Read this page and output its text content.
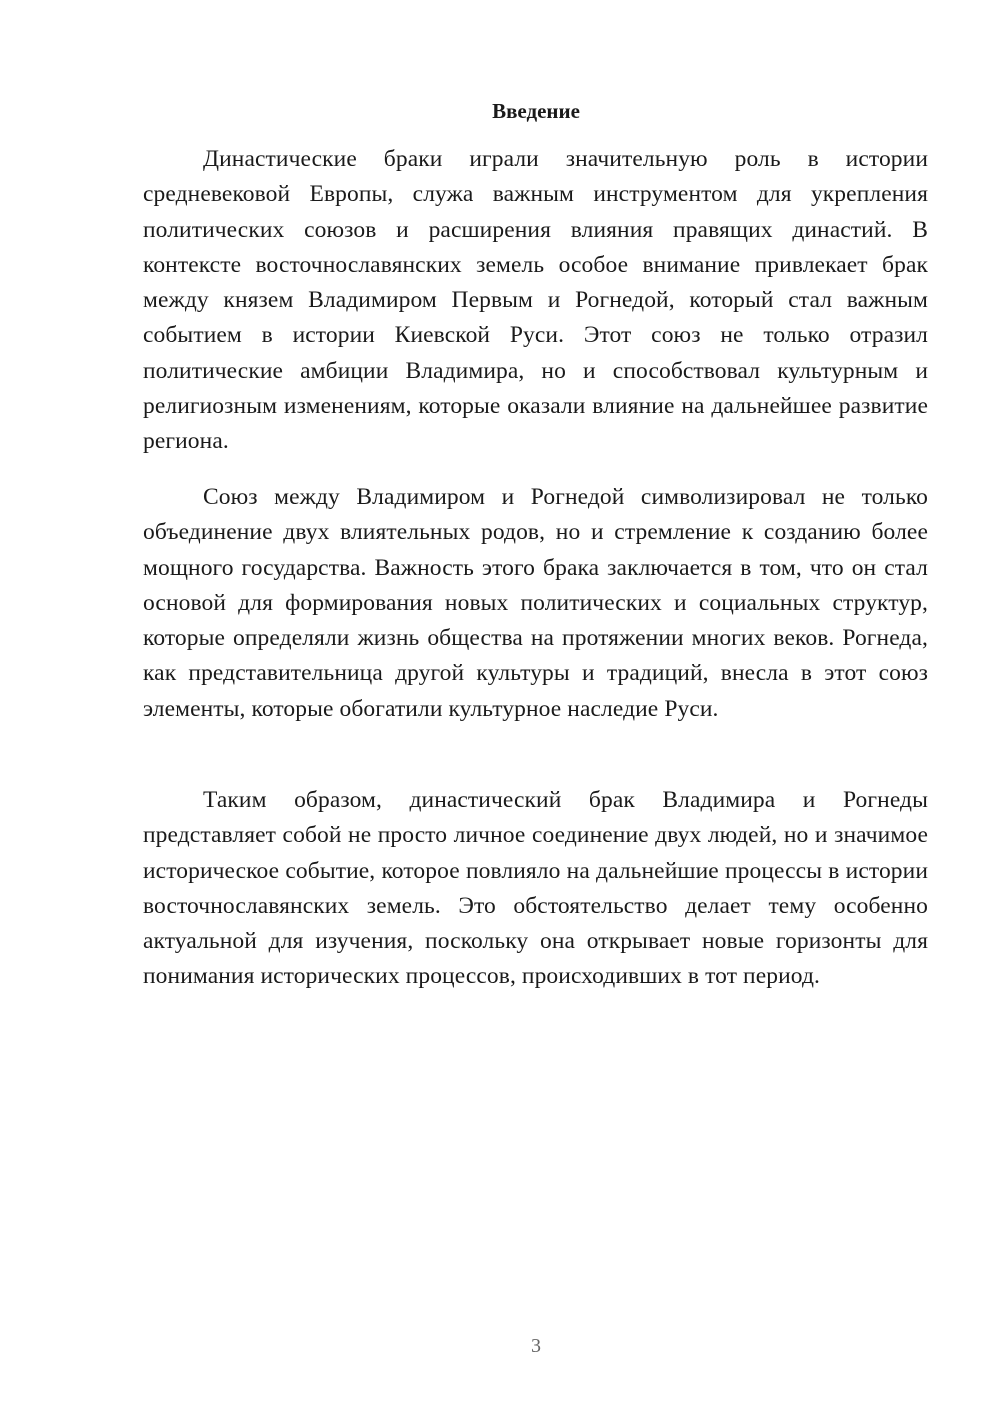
Введение

Династические браки играли значительную роль в истории средневековой Европы, служа важным инструментом для укрепления политических союзов и расширения влияния правящих династий. В контексте восточнославянских земель особое внимание привлекает брак между князем Владимиром Первым и Рогнедой, который стал важным событием в истории Киевской Руси. Этот союз не только отразил политические амбиции Владимира, но и способствовал культурным и религиозным изменениям, которые оказали влияние на дальнейшее развитие региона.

Союз между Владимиром и Рогнедой символизировал не только объединение двух влиятельных родов, но и стремление к созданию более мощного государства. Важность этого брака заключается в том, что он стал основой для формирования новых политических и социальных структур, которые определяли жизнь общества на протяжении многих веков. Рогнеда, как представительница другой культуры и традиций, внесла в этот союз элементы, которые обогатили культурное наследие Руси.

Таким образом, династический брак Владимира и Рогнеды представляет собой не просто личное соединение двух людей, но и значимое историческое событие, которое повлияло на дальнейшие процессы в истории восточнославянских земель. Это обстоятельство делает тему особенно актуальной для изучения, поскольку она открывает новые горизонты для понимания исторических процессов, происходивших в тот период.

3
